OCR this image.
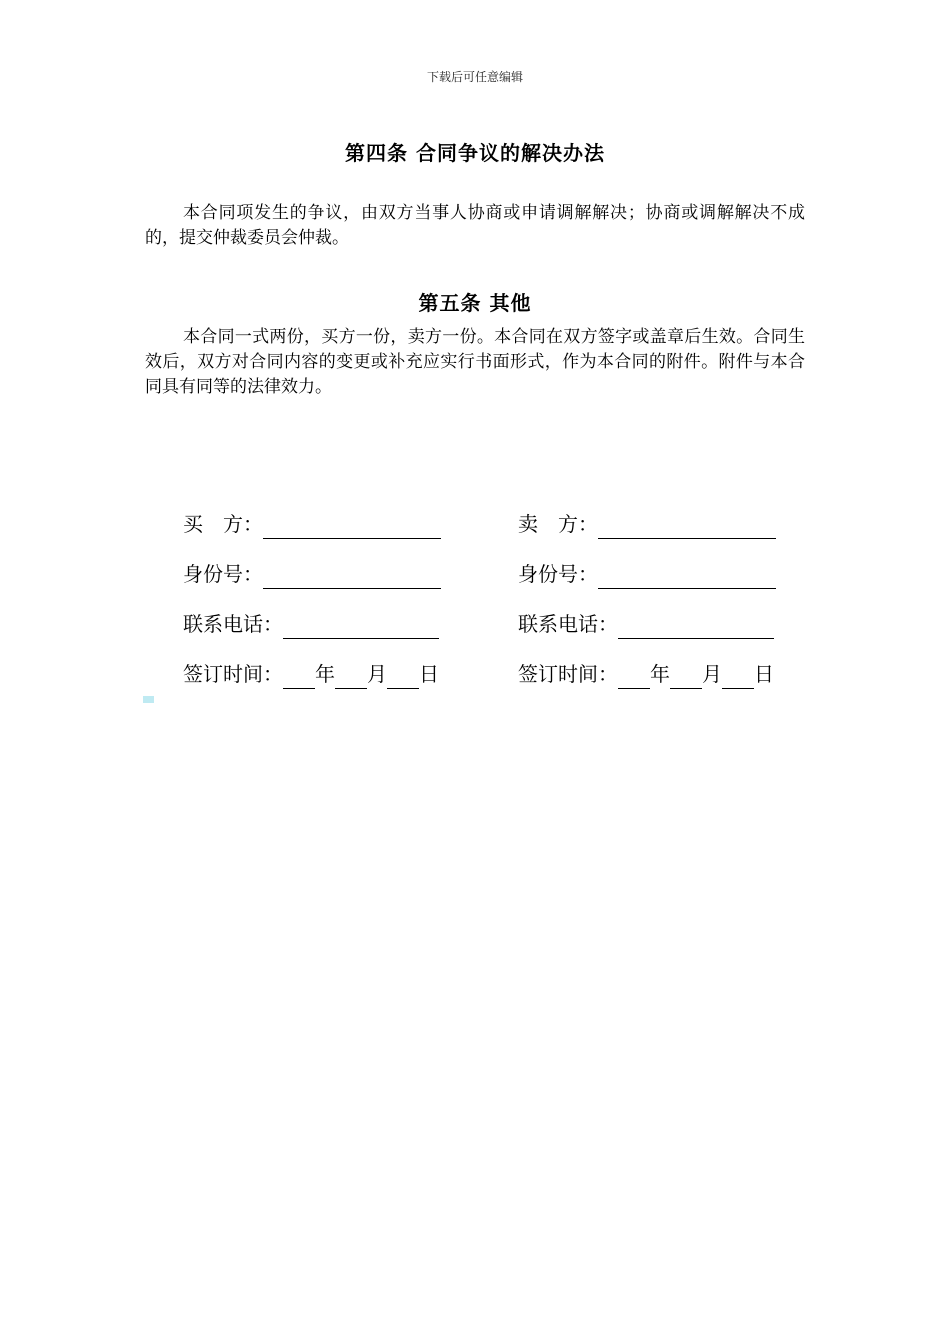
下载后可任意编辑
第四条 合同争议的解决办法
本合同项发生的争议，由双方当事人协商或申请调解解决；协商或调解解决不成的，提交仲裁委员会仲裁。
第五条 其他
本合同一式两份，买方一份，卖方一份。本合同在双方签字或盖章后生效。合同生效后，双方对合同内容的变更或补充应实行书面形式，作为本合同的附件。附件与本合同具有同等的法律效力。
买　方：
身份号：
联系电话：
签订时间： 年 月 日
卖　方：
身份号：
联系电话：
签订时间： 年 月 日
